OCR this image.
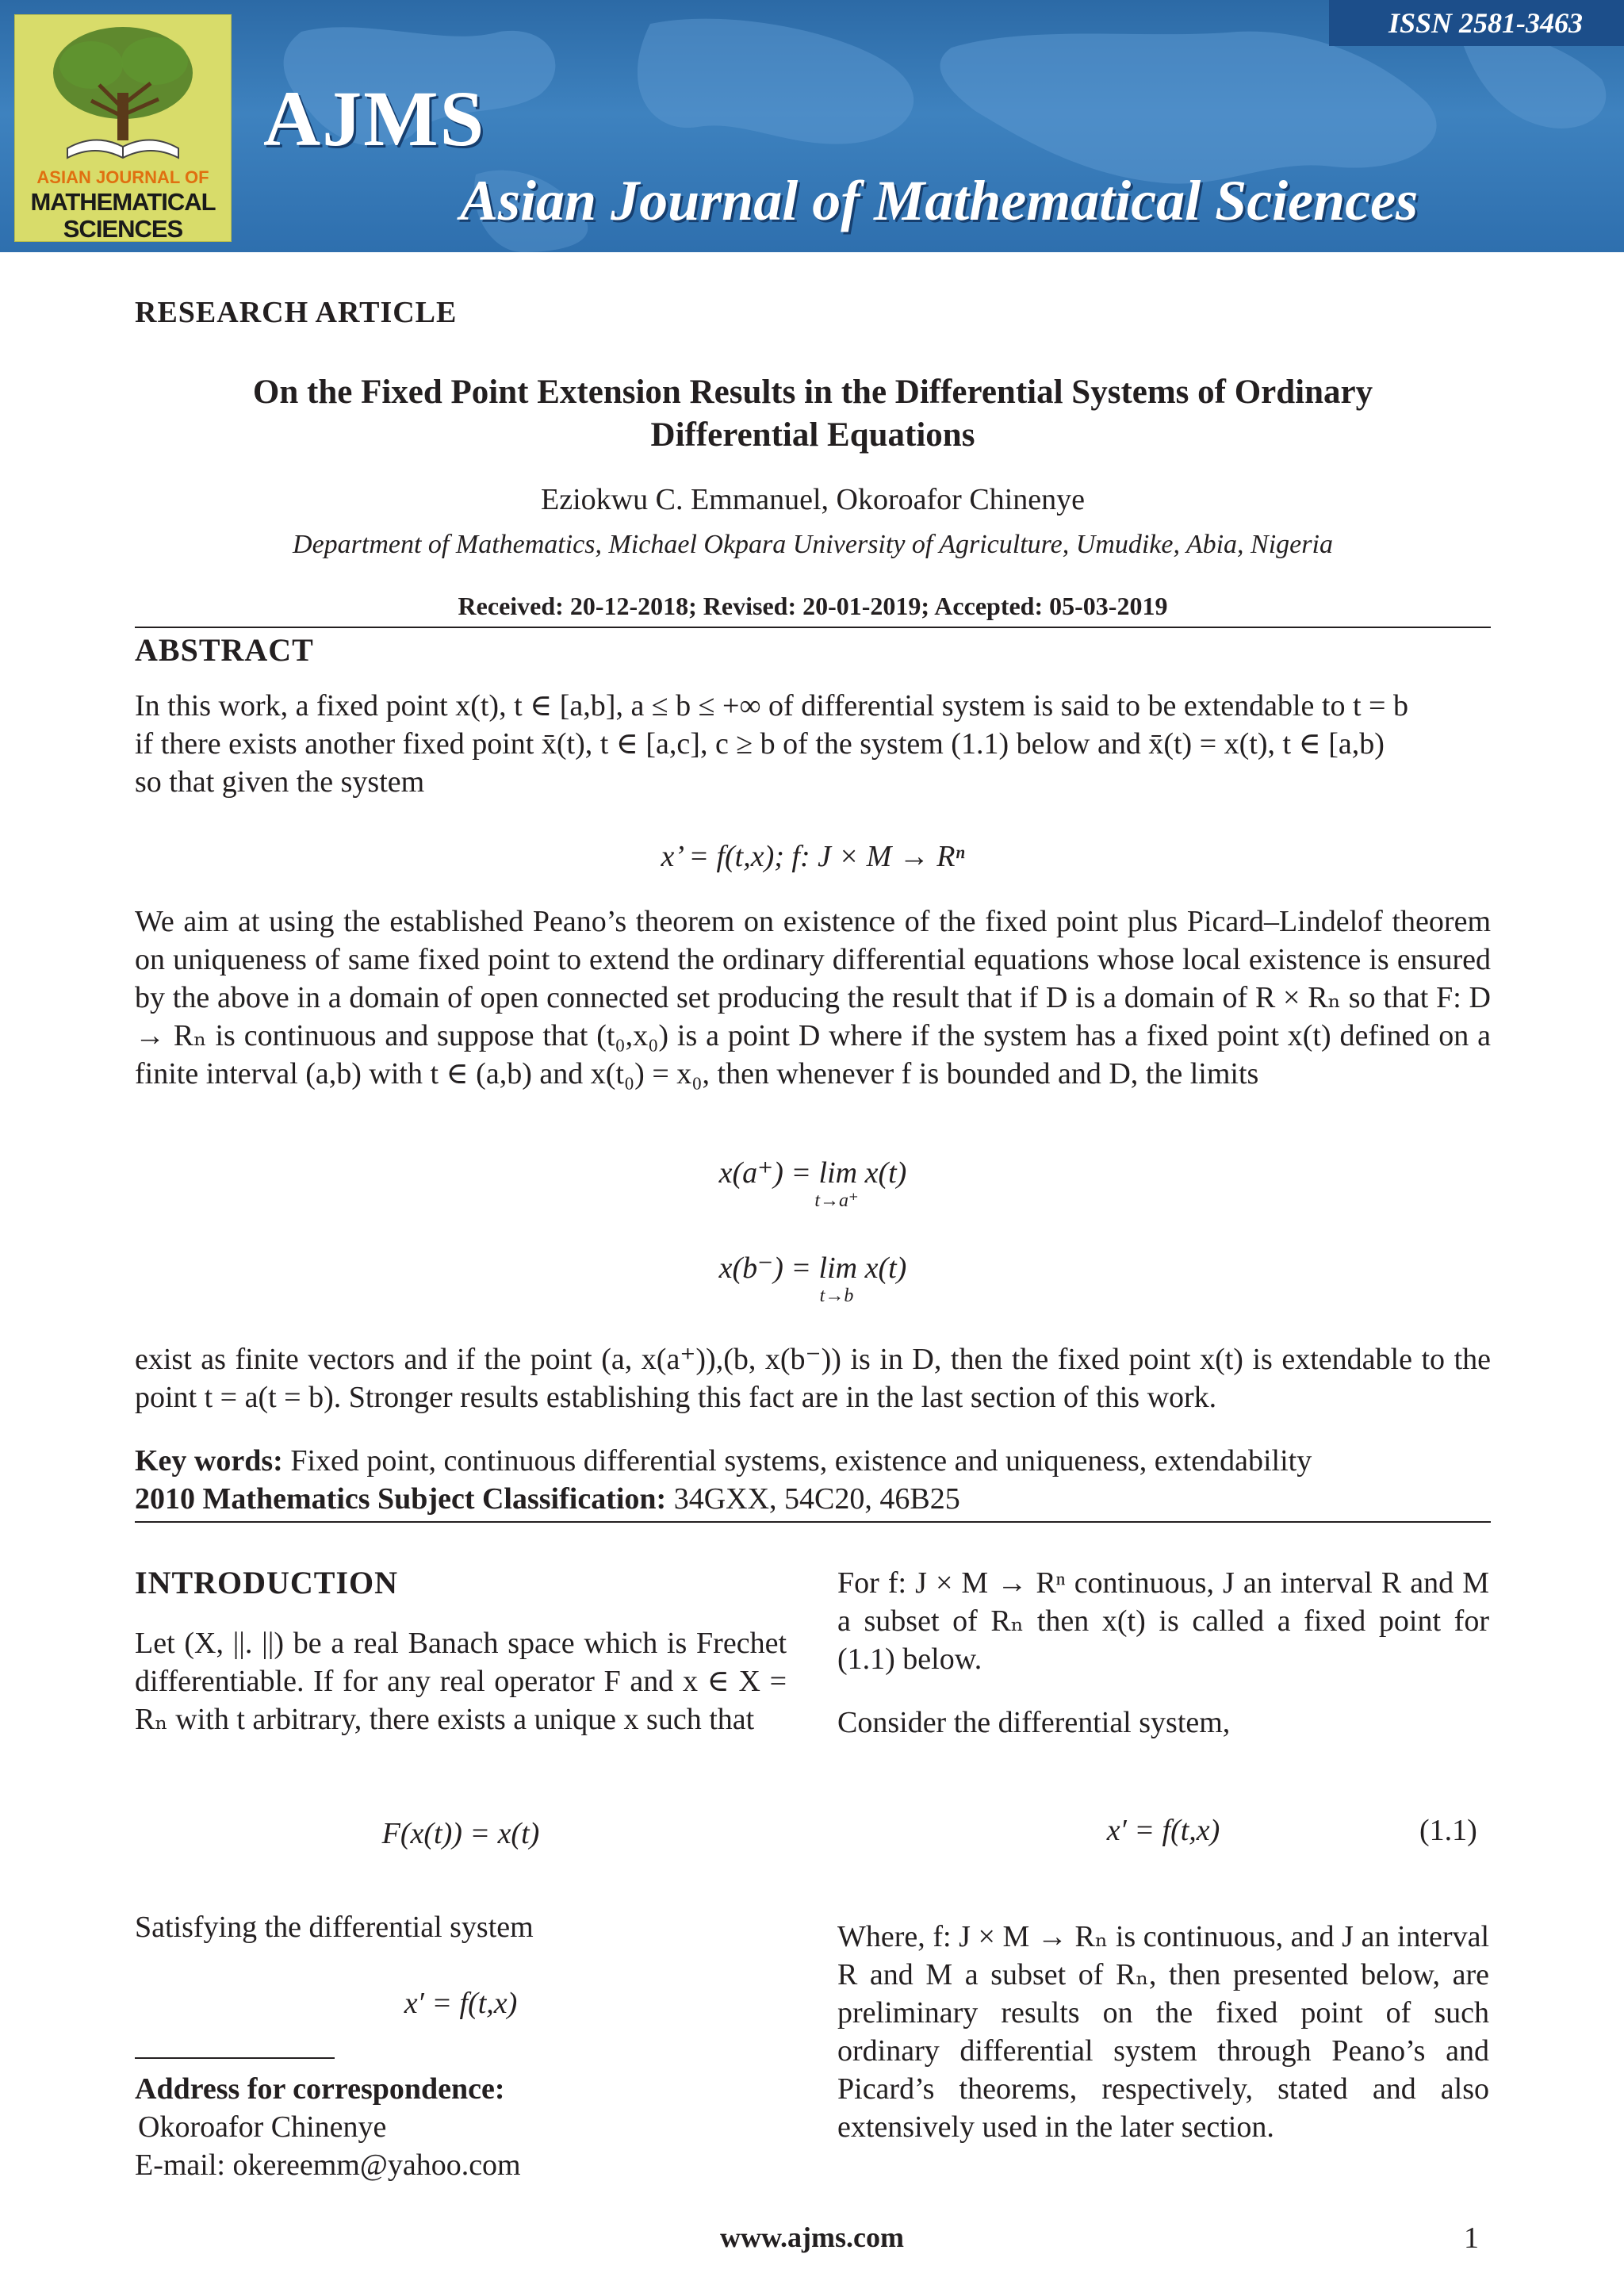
ASIAN JOURNAL OF
MATHEMATICAL
SCIENCES
ISSN 2581-3463
AJMS
Asian Journal of Mathematical Sciences
RESEARCH ARTICLE
On the Fixed Point Extension Results in the Differential Systems of Ordinary
Differential Equations
Eziokwu C. Emmanuel, Okoroafor Chinenye
Department of Mathematics, Michael Okpara University of Agriculture, Umudike, Abia, Nigeria
Received: 20-12-2018; Revised: 20-01-2019; Accepted: 05-03-2019
ABSTRACT
In this work, a fixed point x(t), t ∈ [a,b], a ≤ b ≤ +∞ of differential system is said to be extendable to t = b
if there exists another fixed point x̄(t), t ∈ [a,c], c ≥ b of the system (1.1) below and x̄(t) = x(t), t ∈ [a,b)
so that given the system
x’ = f(t,x); f: J × M → Rⁿ
We aim at using the established Peano’s theorem on existence of the fixed point plus Picard–Lindelof theorem on uniqueness of same fixed point to extend the ordinary differential equations whose local existence is ensured by the above in a domain of open connected set producing the result that if D is a domain of R × Rₙ so that F: D → Rₙ is continuous and suppose that (t₀,x₀) is a point D where if the system has a fixed point x(t) defined on a finite interval (a,b) with t ∈ (a,b) and x(t₀) = x₀, then whenever f is bounded and D, the limits
x(a⁺) = lim x(t)
t→a⁺
x(b⁻) = lim x(t)
t→b
exist as finite vectors and if the point (a, x(a⁺)),(b, x(b⁻)) is in D, then the fixed point x(t) is extendable to the point t = a(t = b). Stronger results establishing this fact are in the last section of this work.
Key words: Fixed point, continuous differential systems, existence and uniqueness, extendability
2010 Mathematics Subject Classification: 34GXX, 54C20, 46B25
INTRODUCTION
Let (X, ||. ||) be a real Banach space which is Frechet differentiable. If for any real operator F and x ∈ X = Rₙ with t arbitrary, there exists a unique x such that
F(x(t)) = x(t)
Satisfying the differential system
x′ = f(t,x)
Address for correspondence:
Okoroafor Chinenye
E-mail: okereemm@yahoo.com
For f: J × M → Rⁿ continuous, J an interval R and M a subset of Rₙ then x(t) is called a fixed point for (1.1) below.
Consider the differential system,
x′ = f(t,x)	(1.1)
Where, f: J × M → Rₙ is continuous, and J an interval R and M a subset of Rₙ, then presented below, are preliminary results on the fixed point of such ordinary differential system through Peano’s and Picard’s theorems, respectively, stated and also extensively used in the later section.
www.ajms.com	1
